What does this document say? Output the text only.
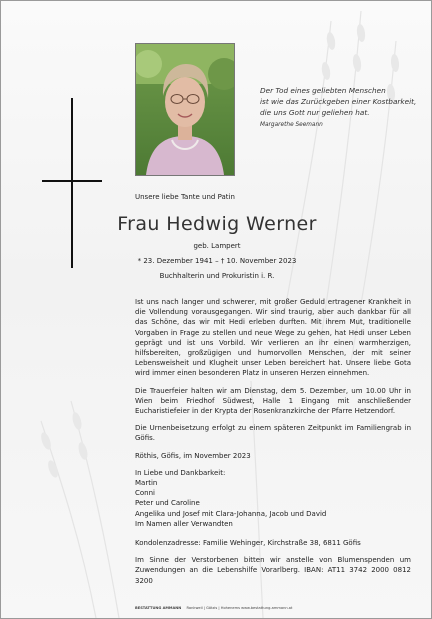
Der Tod eines geliebten Menschen
ist wie das Zurückgeben einer Kostbarkeit,
die uns Gott nur geliehen hat.
Margarethe Seemann
Unsere liebe Tante und Patin
Frau Hedwig Werner
geb. Lampert
* 23. Dezember 1941 – † 10. November 2023
Buchhalterin und Prokuristin i. R.

Ist uns nach langer und schwerer, mit großer Geduld ertragener Krankheit in die Vollendung vorausgegangen. Wir sind traurig, aber auch dankbar für all das Schöne, das wir mit Hedi erleben durften. Mit ihrem Mut, traditionelle Vorgaben in Frage zu stellen und neue Wege zu gehen, hat Hedi unser Leben geprägt und ist uns Vorbild. Wir verlieren an ihr einen warmherzigen, hilfsbereiten, großzügigen und humorvollen Menschen, der mit seiner Lebensweisheit und Klugheit unser Leben bereichert hat. Unsere liebe Gota wird immer einen besonderen Platz in unseren Herzen einnehmen.

Die Trauerfeier halten wir am Dienstag, dem 5. Dezember, um 10.00 Uhr in Wien beim Friedhof Südwest, Halle 1 Eingang mit anschließender Eucharistiefeier in der Krypta der Rosenkranzkirche der Pfarre Hetzendorf.

Die Urnenbeisetzung erfolgt zu einem späteren Zeitpunkt im Familiengrab in Göfis.

Röthis, Göfis, im November 2023

In Liebe und Dankbarkeit:
Martin
Conni
Peter und Caroline
Angelika und Josef mit Clara-Johanna, Jacob und David
Im Namen aller Verwandten

Kondolenzadresse: Familie Wehinger, Kirchstraße 38, 6811 Göfis

Im Sinne der Verstorbenen bitten wir anstelle von Blumenspenden um Zuwendungen an die Lebenshilfe Vorarlberg. IBAN: AT11 3742 2000 0812 3200

BESTATTUNG AMMANN Rankweil | Götzis | Hohenems www.bestattung-ammann.at
